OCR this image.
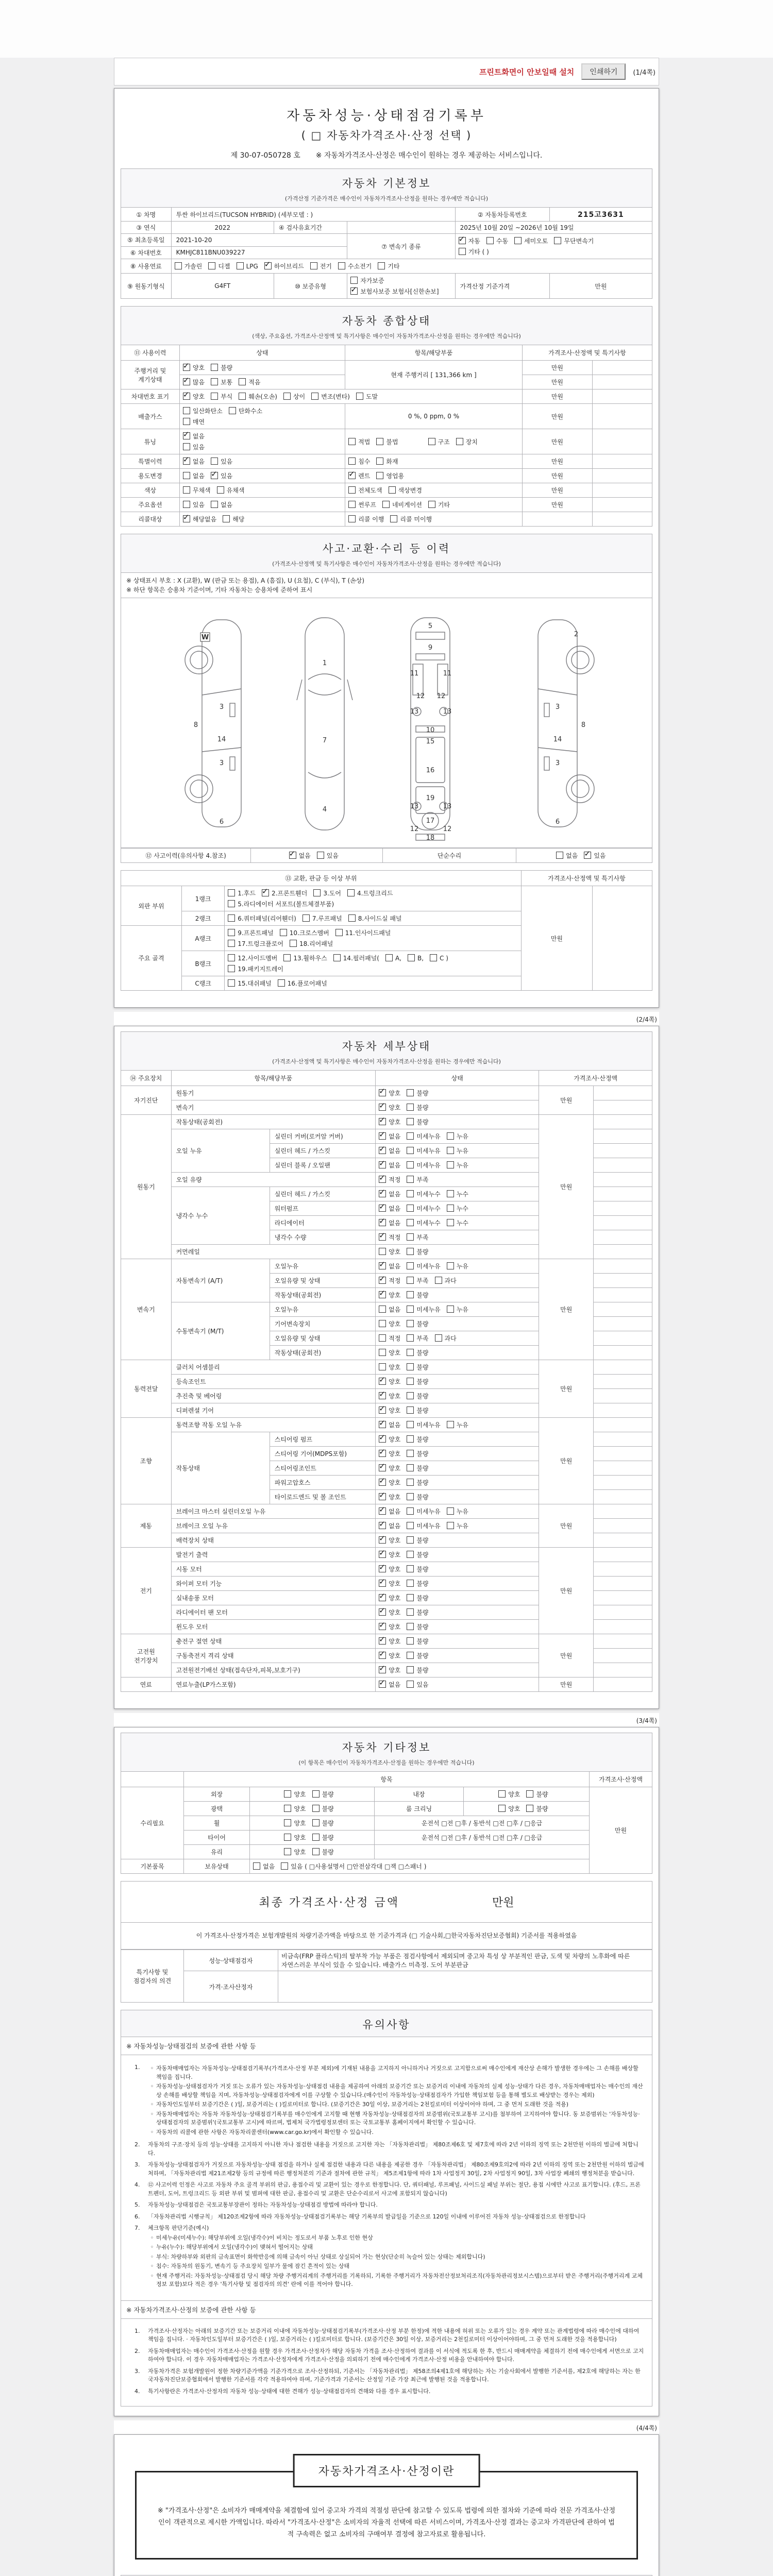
프린트화면이 안보일때 설치	인쇄하기	(1/4쪽)
자동차성능·상태점검기록부
( □ 자동차가격조사·산정 선택 )
제 30-07-050728 호 ※ 자동차가격조사·산정은 매수인이 원하는 경우 제공하는 서비스입니다.
자동차 기본정보
(가격산정 기준가격은 매수인이 자동차가격조사·산정을 원하는 경우에만 적습니다)
① 차명	투싼 하이브리드(TUCSON HYBRID) (세부모델 : )			② 자동차등록번호	215고3631
③ 연식	2022	④ 검사유효기간		2025년 10월 20일 ~2026년 10월 19일	
⑤ 최초등록일	2021-10-20		⑦ 변속기 종류	✓자동 수동 세미오토 무단변속기
기타 ( )
⑥ 차대번호	KMHJC811BNU039227				
⑧ 사용연료	가솔린 디젤 LPG ✓ 하이브리드 전기 수소전기 기타
⑨ 원동기형식	G4FT	⑩ 보증유형	자가보증✓보험사보증 보험사[신한손보]	가격산정 기준가격	만원
자동차 종합상태
(색상, 주요옵션, 가격조사·산정액 및 특기사항은 매수인이 자동차가격조사·산정을 원하는 경우에만 적습니다)
⑪ 사용이력	상태	항목/해당부품	가격조사·산정액 및 특기사항	
주행거리 및 계기상태	✓양호 불량	현재 주행거리 [ 131,366 km ]	만원	
✓많음 보통 적음		만원	
차대번호 표기	✓양호 부식 훼손(오손) 상이 변조(변타) 도말		만원	
배출가스	일산화탄소 탄화수소
매연	0 %, 0 ppm, 0 %	만원	
튜닝	✓없음
있음	적법 불법 구조 장치	만원	
특별이력	✓없음 있음	침수 화재	만원	
용도변경	없음 ✓ 있음	✓렌트 영업용	만원	
색상	무채색 유채색	전체도색 색상변경	만원	
주요옵션	있음 없음	썬루프 네비게이션 기타	만원	
리콜대상	✓해당없음 해당	리콜 이행 리콜 미이행		
사고·교환·수리 등 이력
(가격조사·산정액 및 특기사항은 매수인이 자동차가격조사·산정을 원하는 경우에만 적습니다)
※ 상태표시 부호 : X (교환), W (판금 또는 용접), A (흠집), U (요철), C (부식), T (손상)
※ 하단 항목은 승용차 기준이며, 기타 자동차는 승용차에 준하여 표시
W
3
8
14
3
6
1
7
4
5
9
11	11
12 12
13	13
10
15
16
19
13	13
17
12	12
18
2
3
8
14
3
6
⑫ 사고이력(유의사항 4.참조)	✓없음	있음	단순수리	없음 ✓	있음
⑬ 교환, 판금 등 이상 부위			가격조사·산정액 및 특기사항	
외판 부위	1랭크	1.후드 ✓ 2.프론트휀더 3.도어 4.트렁크리드
5.라디에이터 서포트(볼트체결부품)	만원	
	2랭크	6.쿼터패널(리어휀더) 7.루프패널 8.사이드실 패널		
주요 골격	A랭크	9.프론트패널 10.크로스멤버 11.인사이드패널
17.트렁크플로어 18.리어패널		
	B랭크	12.사이드멤버 13.휠하우스 14.필러패널( A, B, C )
19.패키지트레이		
	C랭크	15.대쉬패널 16.플로어패널		
(2/4쪽)
자동차 세부상태
(가격조사·산정액 및 특기사항은 매수인이 자동차가격조사·산정을 원하는 경우에만 적습니다)
⑭ 주요장치	항목/해당부품		상태	가격조사·산정액	
자기진단	원동기	✓양호 불량	만원	
	변속기	✓양호 불량	
원동기	작동상태(공회전)	✓양호 불량	만원	
	오일 누유	실린더 커버(로커암 커버)	✓없음 미세누유 누유	
		실린더 헤드 / 가스킷	✓없음 미세누유 누유	
		실린더 블록 / 오일팬	✓없음 미세누유 누유	
	오일 유량	✓적정 부족	
	냉각수 누수	실린더 헤드 / 가스킷	✓없음 미세누수 누수	
		워터펌프	✓없음 미세누수 누수	
		라디에이터	✓없음 미세누수 누수	
		냉각수 수량	✓적정 부족	
	커먼레일		양호 불량		
변속기	자동변속기 (A/T)	오일누유	✓없음 미세누유 누유	만원	
		오일유량 및 상태	✓적정 부족 과다	
		작동상태(공회전)	✓양호 불량	
	수동변속기 (M/T)	오일누유	없음 미세누유 누유		
		기어변속장치	양호 불량		
		오일유량 및 상태	적정 부족 과다		
		작동상태(공회전)	양호 불량		
동력전달	클러치 어셈블리		양호 불량	만원	
	등속조인트	✓양호 불량	
	추진축 및 베어링	✓양호 불량	
	디퍼렌셜 기어	✓양호 불량	
조향	동력조향 작동 오일 누유	✓없음 미세누유 누유	만원	
	작동상태	스티어링 펌프	✓양호 불량	
		스티어링 기어(MDPS포함)	✓양호 불량	
		스티어링조인트	✓양호 불량	
		파워고압호스	✓양호 불량	
		타이로드엔드 및 볼 조인트	✓양호 불량	
제동	브레이크 마스터 실린더오일 누유	✓없음 미세누유 누유	만원	
	브레이크 오일 누유	✓없음 미세누유 누유	
	배력장치 상태	✓양호 불량	
전기	발전기 출력	✓양호 불량	만원	
	시동 모터	✓양호 불량	
	와이퍼 모터 기능	✓양호 불량	
	실내송풍 모터	✓양호 불량	
	라디에이터 팬 모터	✓양호 불량	
	윈도우 모터	✓양호 불량	
고전원 전기장치	충전구 절연 상태	✓양호 불량	만원	
	구동축전지 격리 상태	✓양호 불량	
	고전원전기배선 상태(접속단자,피복,보호기구)	✓양호 불량	
연료	연료누출(LP가스포함)	✓없음 있음	만원	
(3/4쪽)
자동차 기타정보
(이 항목은 매수인이 자동차가격조사·산정을 원하는 경우에만 적습니다)
	항목				가격조사·산정액
수리필요	외장	양호 불량	내장	양호 불량	만원
	광택	양호 불량	룸 크리닝	양호 불량	
	휠	양호 불량	운전석 □전 □후 / 동반석 □전 □후 / □응급		
	타이어	양호 불량	운전석 □전 □후 / 동반석 □전 □후 / □응급		
	유리	양호 불량			
기본품목	보유상태	없음 있음 ( □사용설명서 □안전삼각대 □잭 □스패너 )			
최종 가격조사·산정 금액	만원
이 가격조사·산정가격은 보험개발원의 차량기준가액을 바탕으로 한 기준가격과 (□ 기술사회,□한국자동차진단보증협회) 기준서를 적용하였음
특기사항 및 점검자의 의견	성능·상태점검자	비금속(FRP 플라스틱)의 탈부착 가능 부품은 점검사항에서 제외되며 중고차 특성 상 부분적인 판금, 도색 및 차량의 노후화에 따른 자연스러운 부식이 있을 수 있습니다. 배출가스 미측정. 도어 부분판금
	가격·조사산정자	
유의사항
※ 자동차성능·상태점검의 보증에 관한 사항 등
1.	◦ 자동차매매업자는 자동차성능·상태점검기록부(가격조사·산정 부분 제외)에 기재된 내용을 고지하지 아니하거나 거짓으로 고지함으로써 매수인에게 재산상 손해가 발생한 경우에는 그 손해를 배상할 책임을 집니다.
◦ 자동차성능·상태점검자가 거짓 또는 오류가 있는 자동차성능·상태점검 내용을 제공하여 아래의 보증기간 또는 보증거리 이내에 자동차의 실제 성능·상태가 다른 경우, 자동차매매업자는 매수인의 재산상 손해를 배상할 책임을 지며, 자동차성능·상태점검자에게 이를 구상할 수 있습니다.(매수인이 자동차성능·상태점검자가 가입한 책임보험 등을 통해 별도로 배상받는 경우는 제외)
◦ 자동차인도일부터 보증기간은 ( )일, 보증거리는 ( )킬로미터로 합니다. (보증기간은 30일 이상, 보증거리는 2천킬로미터 이상이어야 하며, 그 중 먼저 도래한 것을 적용)
◦ 자동차매매업자는 자동차 자동차성능·상태점검기록부를 매수인에게 고지할 때 현행 자동차성능·상태점검자의 보증범위(국토교통부 고시)를 첨부하여 고지하여야 합니다. 동 보증범위는 '자동차성능·상태점검자의 보증범위'(국토교통부 고시)에 따르며, 법제처 국가법령정보센터 또는 국토교통부 홈페이지에서 확인할 수 있습니다.
◦ 자동차의 리콜에 관한 사항은 자동차리콜센터(www.car.go.kr)에서 확인할 수 있습니다.
2.	자동차의 구조·장치 등의 성능·상태를 고지하지 아니한 자나 점검한 내용을 거짓으로 고지한 자는 「자동차관리법」 제80조제6호 및 제7호에 따라 2년 이하의 징역 또는 2천만원 이하의 벌금에 처합니다.
3.	자동차성능·상태점검자가 거짓으로 자동차성능·상태 점검을 하거나 실제 점검한 내용과 다른 내용을 제공한 경우 「자동차관리법」 제80조제9호의2에 따라 2년 이하의 징역 또는 2천만원 이하의 벌금에 처하며, 「자동차관리법 제21조제2항 등의 규정에 따른 행정처분의 기준과 절차에 관한 규칙」 제5조제1항에 따라 1차 사업정지 30일, 2차 사업정지 90일, 3차 사업장 폐쇄의 행정처분을 받습니다.
4.	⑫ 사고이력 인정은 사고로 자동차 주요 골격 부위의 판금, 용접수리 및 교환이 있는 경우로 한정합니다. 단, 쿼터패널, 루프패널, 사이드실 패널 부위는 절단, 용접 시에만 사고로 표기합니다. (후드, 프론트펜더, 도어, 트렁크리드 등 외판 부위 및 범퍼에 대한 판금, 용접수리 및 교환은 단순수리로서 사고에 포함되지 않습니다)
5.	자동차성능·상태점검은 국토교통부장관이 정하는 자동차성능·상태점검 방법에 따라야 합니다.
6.	「자동차관리법 시행규칙」 제120조제2항에 따라 자동차성능·상태점검기록부는 해당 기록부의 발급일을 기준으로 120일 이내에 이루어진 자동차 성능·상태점검으로 한정합니다
7.	체크항목 판단기준(예시)
◦ 미세누유(미세누수): 해당부위에 오일(냉각수)이 비치는 정도로서 부품 노후로 인한 현상
◦ 누유(누수): 해당부위에서 오일(냉각수)이 맺혀서 떨어지는 상태
◦ 부식: 차량하부와 외판의 금속표면이 화학반응에 의해 금속이 아닌 상태로 상실되어 가는 현상(단순히 녹슬어 있는 상태는 제외합니다)
◦ 침수: 자동차의 원동기, 변속기 등 주요장치 일부가 물에 잠긴 흔적이 있는 상태
◦ 현재 주행거리: 자동차성능·상태점검 당시 해당 차량 주행거리계의 주행거리를 기록하되, 기록한 주행거리가 자동차전산정보처리조직(자동차관리정보시스템)으로부터 받은 주행거리(주행거리계 교체 정보 포함)보다 적은 경우 '특기사항 및 점검자의 의견' 란에 이를 적어야 합니다.
※ 자동차가격조사·산정의 보증에 관한 사항 등
1.	가격조사·산정자는 아래의 보증기간 또는 보증거리 이내에 자동차성능·상태점검기록부(가격조사·산정 부분 한정)에 적한 내용에 허위 또는 오류가 있는 경우 계약 또는 관계법령에 따라 매수인에 대하여 책임을 집니다. · 자동차인도일부터 보증기간은 ( )일, 보증거리는 ( )킬로미터로 합니다. (보증기간은 30일 이상, 보증거리는 2천킬로미터 이상이어야하며, 그 중 먼저 도래한 것을 적용합니다)
2.	자동차매매업자는 매수인이 가격조사·산정을 원할 경우 가격조사·산정자가 해당 자동차 가격을 조사·산정하여 결과를 이 서식에 적도록 한 후, 반드시 매매계약을 체결하기 전에 매수인에게 서면으로 고지하여야 합니다. 이 경우 자동차매매업자는 가격조사·산정자에게 가격조사·산정을 의뢰하기 전에 매수인에게 가격조사·산정 비용을 안내하여야 합니다.
3.	자동차가격은 보험개발원이 정한 차량기준가액을 기준가격으로 조사·산정하되, 기준서는 「자동차관리법」 제58조의4제1호에 해당하는 자는 기술사회에서 발행한 기준서를, 제2호에 해당하는 자는 한국자동차진단보증협회에서 발행한 기준서를 각각 적용하여야 하며, 기준가격과 기준서는 산정일 기준 가장 최근에 발행된 것을 적용합니다.
4.	특기사항란은 가격조사·산정자의 자동차 성능·상태에 대한 견해가 성능·상태점검자의 견해와 다를 경우 표시합니다.
(4/4쪽)
자동차가격조사·산정이란
※ "가격조사·산정"은 소비자가 매매계약을 체결함에 있어 중고차 가격의 적절성 판단에 참고할 수 있도록 법령에 의한 절차와 기준에 따라 전문 가격조사·산정인이 객관적으로 제시한 가액입니다. 따라서 "가격조사·산정"은 소비자의 자율적 선택에 따른 서비스이며, 가격조사·산정 결과는 중고차 가격판단에 관하여 법적 구속력은 없고 소비자의 구매여부 결정에 참고자료로 활용됩니다.
